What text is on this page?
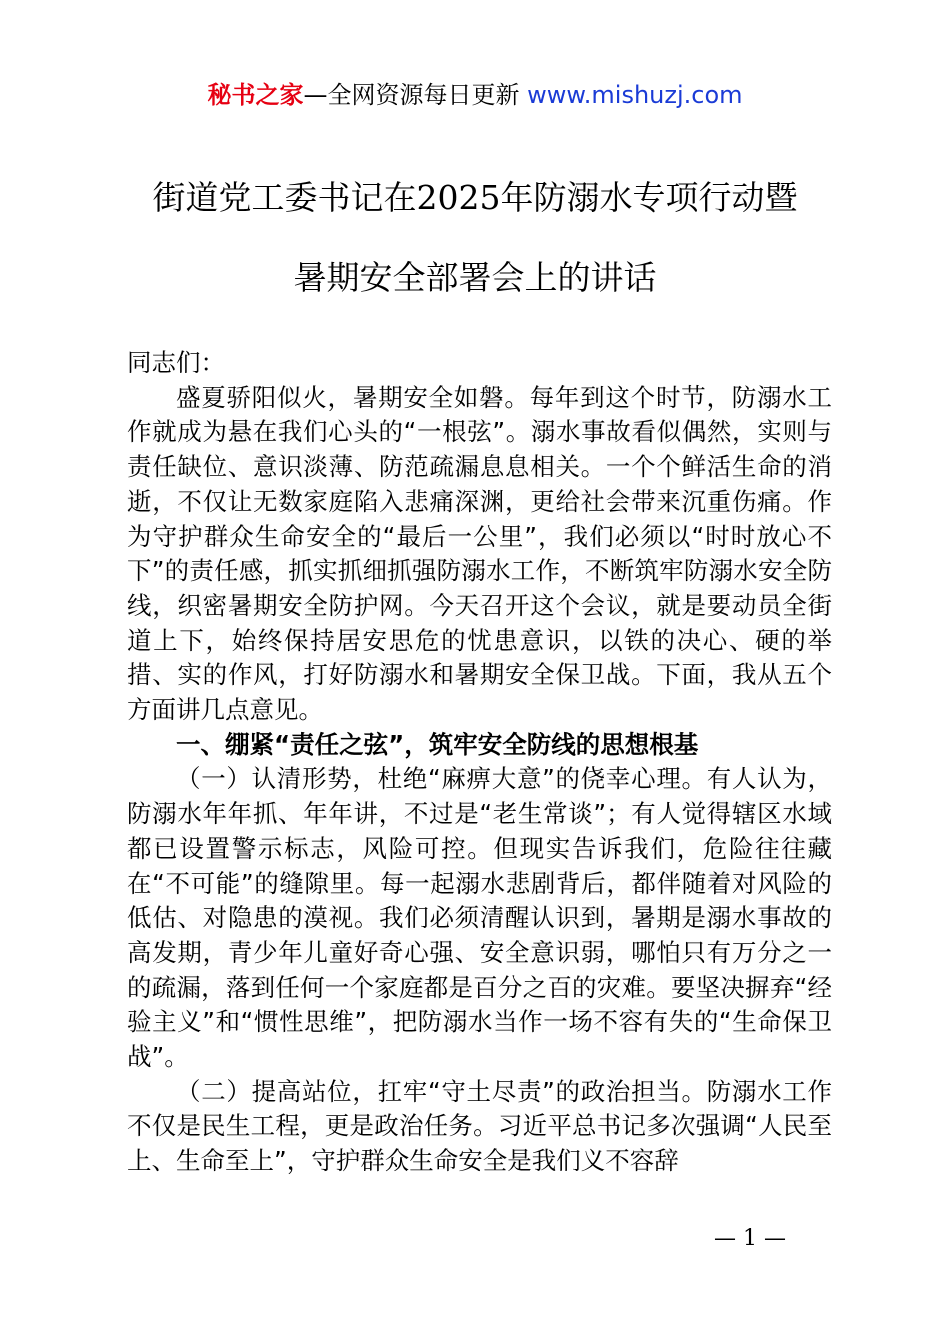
秘书之家—全网资源每日更新 www.mishuzj.com
街道党工委书记在2025年防溺水专项行动暨
暑期安全部署会上的讲话

同志们：

盛夏骄阳似火，暑期安全如磐。每年到这个时节，防溺水工作就成为悬在我们心头的“一根弦”。溺水事故看似偶然，实则与责任缺位、意识淡薄、防范疏漏息息相关。一个个鲜活生命的消逝，不仅让无数家庭陷入悲痛深渊，更给社会带来沉重伤痛。作为守护群众生命安全的“最后一公里”，我们必须以“时时放心不下”的责任感，抓实抓细抓强防溺水工作，不断筑牢防溺水安全防线，织密暑期安全防护网。今天召开这个会议，就是要动员全街道上下，始终保持居安思危的忧患意识，以铁的决心、硬的举措、实的作风，打好防溺水和暑期安全保卫战。下面，我从五个方面讲几点意见。

一、绷紧“责任之弦”，筑牢安全防线的思想根基

（一）认清形势，杜绝“麻痹大意”的侥幸心理。有人认为，防溺水年年抓、年年讲，不过是“老生常谈”；有人觉得辖区水域都已设置警示标志，风险可控。但现实告诉我们，危险往往藏在“不可能”的缝隙里。每一起溺水悲剧背后，都伴随着对风险的低估、对隐患的漠视。我们必须清醒认识到，暑期是溺水事故的高发期，青少年儿童好奇心强、安全意识弱，哪怕只有万分之一的疏漏，落到任何一个家庭都是百分之百的灾难。要坚决摒弃“经验主义”和“惯性思维”，把防溺水当作一场不容有失的“生命保卫战”。

（二）提高站位，扛牢“守土尽责”的政治担当。防溺水工作不仅是民生工程，更是政治任务。习近平总书记多次强调“人民至上、生命至上”，守护群众生命安全是我们义不容辞

— 1 —
